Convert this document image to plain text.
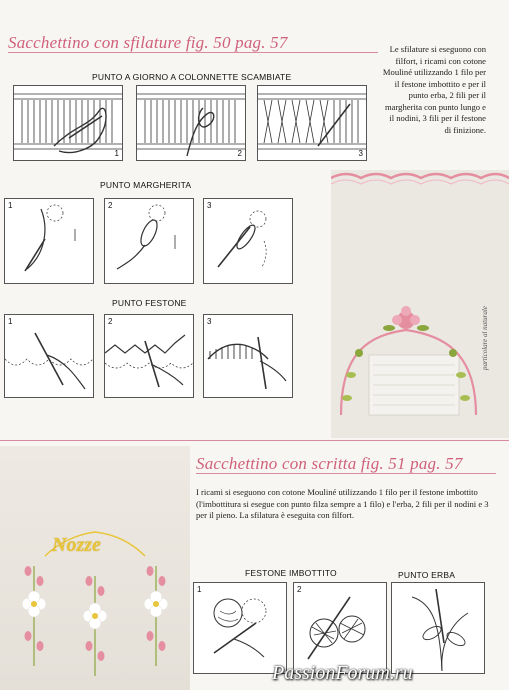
Sacchettino con sfilature fig. 50 pag. 57	Le sfilature si eseguono con filfort, i ricami con cotone Mouliné utilizzando 1 filo per il festone imbottito e per il punto erba, 2 fili per il margherita con punto lungo e il nodini, 3 fili per il festone di finizione.
PUNTO A GIORNO A COLONNETTE SCAMBIATE
1	2	3
particolare al naturale
PUNTO MARGHERITA
1	2	3
PUNTO FESTONE
1	2	3
Nozze
Sacchettino con scritta fig. 51 pag. 57
I ricami si eseguono con cotone Mouliné utilizzando 1 filo per il festone imbottito (l'imbottitura si esegue con punto filza sempre a 1 filo) e l'erba, 2 fili per il nodini e 3 per il pieno. La sfilatura è eseguita con filfort.
FESTONE IMBOTTITO	PUNTO ERBA
1	2
PassionForum.ru
